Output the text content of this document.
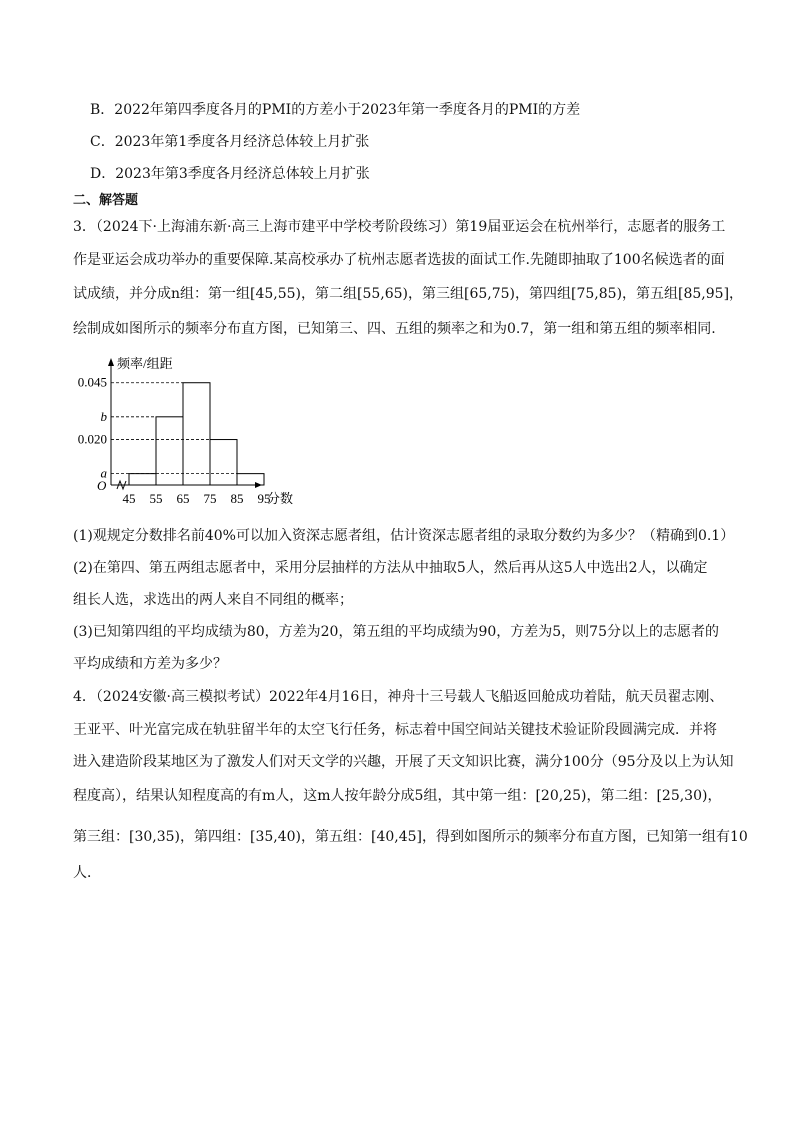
B．2022年第四季度各月的PMI的方差小于2023年第一季度各月的PMI的方差
C．2023年第1季度各月经济总体较上月扩张
D．2023年第3季度各月经济总体较上月扩张
二、解答题
3．（2024下·上海浦东新·高三上海市建平中学校考阶段练习）第19届亚运会在杭州举行，志愿者的服务工
作是亚运会成功举办的重要保障.某高校承办了杭州志愿者选拔的面试工作.先随即抽取了100名候选者的面
试成绩，并分成n组：第一组[45,55)，第二组[55,65)，第三组[65,75)，第四组[75,85)，第五组[85,95]，
绘制成如图所示的频率分布直方图，已知第三、四、五组的频率之和为0.7，第一组和第五组的频率相同.
频率/组距
O
分数
a
0.020
b
0.045
45 55 65 75 85 95
(1)观规定分数排名前40%可以加入资深志愿者组，估计资深志愿者组的录取分数约为多少？（精确到0.1）
(2)在第四、第五两组志愿者中，采用分层抽样的方法从中抽取5人，然后再从这5人中选出2人，以确定
组长人选，求选出的两人来自不同组的概率；
(3)已知第四组的平均成绩为80，方差为20，第五组的平均成绩为90，方差为5，则75分以上的志愿者的
平均成绩和方差为多少？
4．（2024安徽·高三模拟考试）2022年4月16日，神舟十三号载人飞船返回舱成功着陆，航天员翟志刚、
王亚平、叶光富完成在轨驻留半年的太空飞行任务，标志着中国空间站关键技术验证阶段圆满完成．并将
进入建造阶段某地区为了激发人们对天文学的兴趣，开展了天文知识比赛，满分100分（95分及以上为认知
程度高），结果认知程度高的有m人，这m人按年龄分成5组，其中第一组：[20,25)，第二组：[25,30)，
第三组：[30,35)，第四组：[35,40)，第五组：[40,45]，得到如图所示的频率分布直方图，已知第一组有10
人．
